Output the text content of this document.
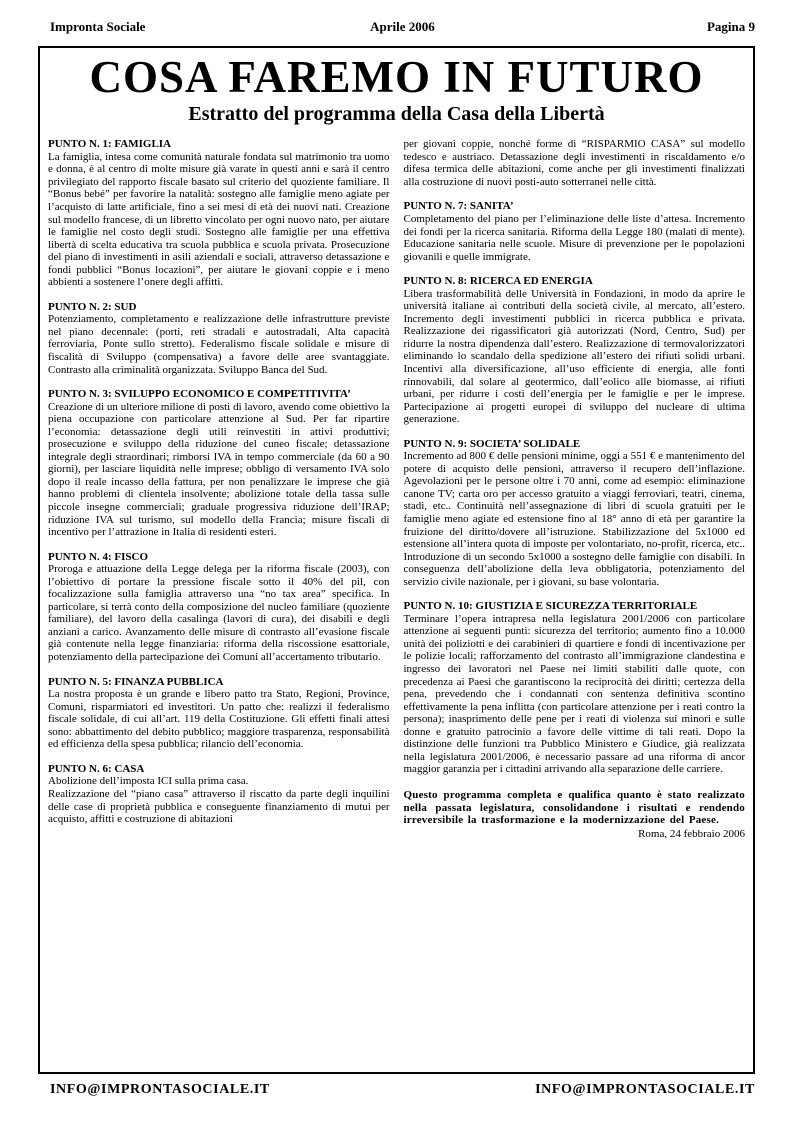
Impronta Sociale	Aprile 2006	Pagina 9
COSA FAREMO IN FUTURO
Estratto del programma della Casa della Libertà
PUNTO N. 1: FAMIGLIA

La famiglia, intesa come comunità naturale fondata sul matrimonio tra uomo e donna, è al centro di molte misure già varate in questi anni e sarà il centro privilegiato del rapporto fiscale basato sul criterio del quoziente familiare. Il “Bonus bebé” per favorire la natalità: sostegno alle famiglie meno agiate per l’acquisto di latte artificiale, fino a sei mesi di età dei nuovi nati. Creazione sul modello francese, di un libretto vincolato per ogni nuovo nato, per aiutare le famiglie nel costo degli studi. Sostegno alle famiglie per una effettiva libertà di scelta educativa tra scuola pubblica e scuola privata. Prosecuzione del piano di investimenti in asili aziendali e sociali, attraverso detassazione e fondi pubblici “Bonus locazioni”, per aiutare le giovani coppie e i meno abbienti a sostenere l’onere degli affitti.

PUNTO N. 2: SUD

Potenziamento, completamento e realizzazione delle infrastrutture previste nel piano decennale: (porti, reti stradali e autostradali, Alta capacità ferroviaria, Ponte sullo stretto). Federalismo fiscale solidale e misure di fiscalità di Sviluppo (compensativa) a favore delle aree svantaggiate. Contrasto alla criminalità organizzata. Sviluppo Banca del Sud.

PUNTO N. 3: SVILUPPO ECONOMICO E COMPETITIVITA’

Creazione di un ulteriore milione di posti di lavoro, avendo come obiettivo la piena occupazione con particolare attenzione al Sud. Per far ripartire l’economia: detassazione degli utili reinvestiti in attivi produttivi; prosecuzione e sviluppo della riduzione del cuneo fiscale; detassazione integrale degli straordinari; rimborsi IVA in tempo commerciale (da 60 a 90 giorni), per lasciare liquidità nelle imprese; obbligo di versamento IVA solo dopo il reale incasso della fattura, per non penalizzare le imprese che già hanno problemi di clientela insolvente; abolizione totale della tassa sulle piccole insegne commerciali; graduale progressiva riduzione dell’IRAP; riduzione IVA sul turismo, sul modello della Francia; misure fiscali di incentivo per l’attrazione in Italia di residenti esteri.

PUNTO N. 4: FISCO

Proroga e attuazione della Legge delega per la riforma fiscale (2003), con l’obiettivo di portare la pressione fiscale sotto il 40% del pil, con focalizzazione sulla famiglia attraverso una “no tax area” specifica. In particolare, si terrà conto della composizione del nucleo familiare (quoziente familiare), del lavoro della casalinga (lavori di cura), dei disabili e degli anziani a carico. Avanzamento delle misure di contrasto all’evasione fiscale già contenute nella legge finanziaria: riforma della riscossione esattoriale, potenziamento della partecipazione dei Comuni all’accertamento tributario.

PUNTO N. 5: FINANZA PUBBLICA

La nostra proposta è un grande e libero patto tra Stato, Regioni, Province, Comuni, risparmiatori ed investitori. Un patto che: realizzi il federalismo fiscale solidale, di cui all’art. 119 della Costituzione. Gli effetti finali attesi sono: abbattimento del debito pubblico; maggiore trasparenza, responsabilità ed efficienza della spesa pubblica; rilancio dell’economia.

PUNTO N. 6: CASA

Abolizione dell’imposta ICI sulla prima casa.

Realizzazione del “piano casa” attraverso il riscatto da parte degli inquilini delle case di proprietà pubblica e conseguente finanziamento di mutui per acquisto, affitti e costruzione di abitazioni

per giovani coppie, nonché forme di “RISPARMIO CASA” sul modello tedesco e austriaco. Detassazione degli investimenti in riscaldamento e/o difesa termica delle abitazioni, come anche per gli investimenti finalizzati alla costruzione di nuovi posti-auto sotterranei nelle città.

PUNTO N. 7: SANITA’

Completamento del piano per l’eliminazione delle liste d’attesa. Incremento dei fondi per la ricerca sanitaria. Riforma della Legge 180 (malati di mente). Educazione sanitaria nelle scuole. Misure di prevenzione per le popolazioni giovanili e quelle immigrate.

PUNTO N. 8: RICERCA ED ENERGIA

Libera trasformabilità delle Università in Fondazioni, in modo da aprire le università italiane ai contributi della società civile, al mercato, all’estero. Incremento degli investimenti pubblici in ricerca pubblica e privata. Realizzazione dei rigassificatori già autorizzati (Nord, Centro, Sud) per ridurre la nostra dipendenza dall’estero. Realizzazione di termovalorizzatori eliminando lo scandalo della spedizione all’estero dei rifiuti solidi urbani. Incentivi alla diversificazione, all’uso efficiente di energia, alle fonti rinnovabili, dal solare al geotermico, dall’eolico alle biomasse, ai rifiuti urbani, per ridurre i costi dell’energia per le famiglie e per le imprese. Partecipazione ai progetti europei di sviluppo del nucleare di ultima generazione.

PUNTO N. 9: SOCIETA’ SOLIDALE

Incremento ad 800 € delle pensioni minime, oggi a 551 € e mantenimento del potere di acquisto delle pensioni, attraverso il recupero dell’inflazione. Agevolazioni per le persone oltre i 70 anni, come ad esempio: eliminazione canone TV; carta oro per accesso gratuito a viaggi ferroviari, teatri, cinema, stadi, etc.. Continuità nell’assegnazione di libri di scuola gratuiti per le famiglie meno agiate ed estensione fino al 18° anno di età per garantire la fruizione del diritto/dovere all’istruzione. Stabilizzazione del 5x1000 ed estensione all’intera quota di imposte per volontariato, no-profit, ricerca, etc.. Introduzione di un secondo 5x1000 a sostegno delle famiglie con disabili. In conseguenza dell’abolizione della leva obbligatoria, potenziamento del servizio civile nazionale, per i giovani, su base volontaria.

PUNTO N. 10: GIUSTIZIA E SICUREZZA TERRITORIALE

Terminare l’opera intrapresa nella legislatura 2001/2006 con particolare attenzione ai seguenti punti: sicurezza del territorio; aumento fino a 10.000 unità dei poliziotti e dei carabinieri di quartiere e fondi di incentivazione per le polizie locali; rafforzamento del contrasto all’immigrazione clandestina e ingresso dei lavoratori nel Paese nei limiti stabiliti dalle quote, con precedenza ai Paesi che garantiscono la reciprocità dei diritti; certezza della pena, prevedendo che i condannati con sentenza definitiva scontino effettivamente la pena inflitta (con particolare attenzione per i reati contro la persona); inasprimento delle pene per i reati di violenza sui minori e sulle donne e gratuito patrocinio a favore delle vittime di tali reati. Dopo la distinzione delle funzioni tra Pubblico Ministero e Giudice, già realizzata nella legislatura 2001/2006, è necessario passare ad una riforma di ancor maggior garanzia per i cittadini arrivando alla separazione delle carriere.

Questo programma completa e qualifica quanto è stato realizzato nella passata legislatura, consolidandone i risultati e rendendo irreversibile la trasformazione e la modernizzazione del Paese.

Roma, 24 febbraio 2006

INFO@IMPRONTASOCIALE.IT	INFO@IMPRONTASOCIALE.IT
